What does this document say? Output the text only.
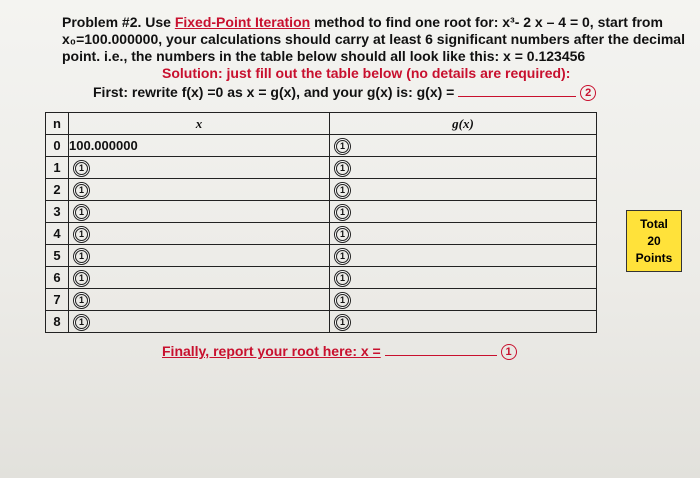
Problem #2. Use Fixed-Point Iteration method to find one root for: x³- 2 x – 4 = 0, start from
x₀=100.000000, your calculations should carry at least 6 significant numbers after the decimal
point. i.e., the numbers in the table below should all look like this: x = 0.123456
Solution: just fill out the table below (no details are required):
First: rewrite f(x) =0 as x = g(x), and your g(x) is: g(x) =	2
n	x	g(x)
0	100.000000	1
1	1	1
2	1	1
3	1	1
4	1	1
5	1	1
6	1	1
7	1	1
8	1	1
Total
20
Points
Finally, report your root here: x =	1
